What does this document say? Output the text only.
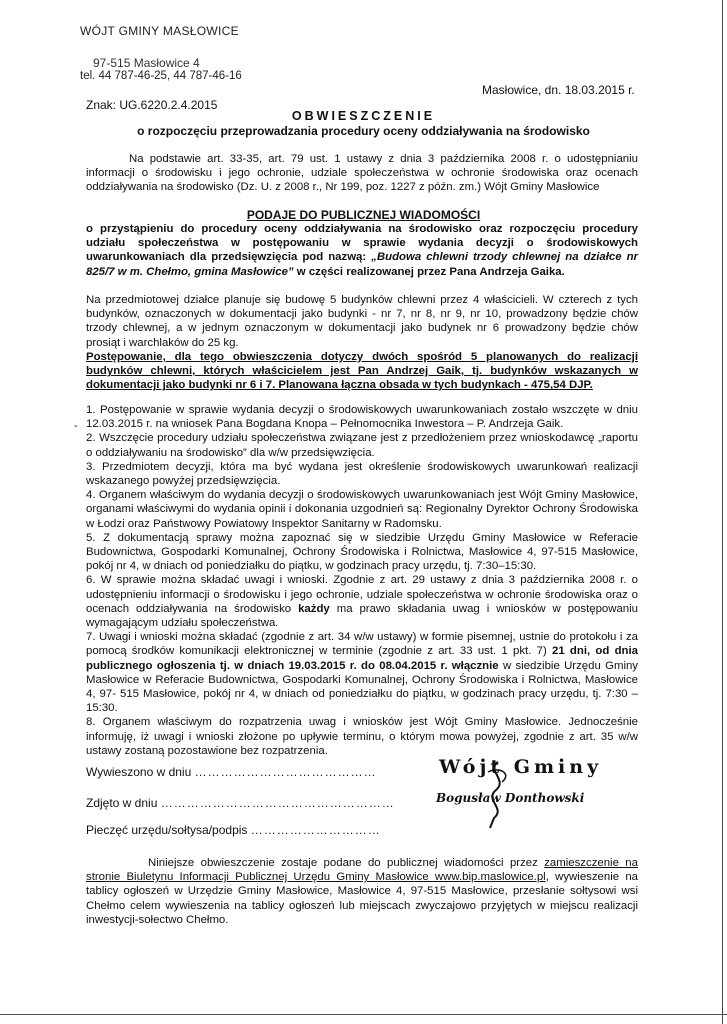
WÓJT GMINY MASŁOWICE
97-515 Masłowice 4
tel. 44 787-46-25, 44 787-46-16
Masłowice, dn. 18.03.2015 r.
Znak: UG.6220.2.4.2015
OBWIESZCZENIE
o rozpoczęciu przeprowadzania procedury oceny oddziaływania na środowisko
Na podstawie art. 33-35, art. 79 ust. 1 ustawy z dnia 3 października 2008 r. o udostępnianiu informacji o środowisku i jego ochronie, udziale społeczeństwa w ochronie środowiska oraz ocenach oddziaływania na środowisko (Dz. U. z 2008 r., Nr 199, poz. 1227 z późn. zm.) Wójt Gminy Masłowice
PODAJE DO PUBLICZNEJ WIADOMOŚCI
o przystąpieniu do procedury oceny oddziaływania na środowisko oraz rozpoczęciu procedury udziału społeczeństwa w postępowaniu w sprawie wydania decyzji o środowiskowych uwarunkowaniach dla przedsięwzięcia pod nazwą: „Budowa chlewni trzody chlewnej na działce nr 825/7 w m. Chełmo, gmina Masłowice” w części realizowanej przez Pana Andrzeja Gaika.
Na przedmiotowej działce planuje się budowę 5 budynków chlewni przez 4 właścicieli. W czterech z tych budynków, oznaczonych w dokumentacji jako budynki - nr 7, nr 8, nr 9, nr 10, prowadzony będzie chów trzody chlewnej, a w jednym oznaczonym w dokumentacji jako budynek nr 6 prowadzony będzie chów prosiąt i warchlaków do 25 kg.
Postępowanie, dla tego obwieszczenia dotyczy dwóch spośród 5 planowanych do realizacji budynków chlewni, których właścicielem jest Pan Andrzej Gaik, tj. budynków wskazanych w dokumentacji jako budynki nr 6 i 7. Planowana łączna obsada w tych budynkach - 475,54 DJP.
-

1. Postępowanie w sprawie wydania decyzji o środowiskowych uwarunkowaniach zostało wszczęte w dniu 12.03.2015 r. na wniosek Pana Bogdana Knopa – Pełnomocnika Inwestora – P. Andrzeja Gaik.

2. Wszczęcie procedury udziału społeczeństwa związane jest z przedłożeniem przez wnioskodawcę „raportu o oddziaływaniu na środowisko” dla w/w przedsięwzięcia.

3. Przedmiotem decyzji, która ma być wydana jest określenie środowiskowych uwarunkowań realizacji wskazanego powyżej przedsięwzięcia.

4. Organem właściwym do wydania decyzji o środowiskowych uwarunkowaniach jest Wójt Gminy Masłowice, organami właściwymi do wydania opinii i dokonania uzgodnień są: Regionalny Dyrektor Ochrony Środowiska w Łodzi oraz Państwowy Powiatowy Inspektor Sanitarny w Radomsku.

5. Z dokumentacją sprawy można zapoznać się w siedzibie Urzędu Gminy Masłowice w Referacie Budownictwa, Gospodarki Komunalnej, Ochrony Środowiska i Rolnictwa, Masłowice 4, 97-515 Masłowice, pokój nr 4, w dniach od poniedziałku do piątku, w godzinach pracy urzędu, tj. 7:30–15:30.

6. W sprawie można składać uwagi i wnioski. Zgodnie z art. 29 ustawy z dnia 3 października 2008 r. o udostępnieniu informacji o środowisku i jego ochronie, udziale społeczeństwa w ochronie środowiska oraz o ocenach oddziaływania na środowisko każdy ma prawo składania uwag i wniosków w postępowaniu wymagającym udziału społeczeństwa.

7. Uwagi i wnioski można składać (zgodnie z art. 34 w/w ustawy) w formie pisemnej, ustnie do protokołu i za pomocą środków komunikacji elektronicznej w terminie (zgodnie z art. 33 ust. 1 pkt. 7) 21 dni, od dnia publicznego ogłoszenia tj. w dniach 19.03.2015 r. do 08.04.2015 r. włącznie w siedzibie Urzędu Gminy Masłowice w Referacie Budownictwa, Gospodarki Komunalnej, Ochrony Środowiska i Rolnictwa, Masłowice 4, 97- 515 Masłowice, pokój nr 4, w dniach od poniedziałku do piątku, w godzinach pracy urzędu, tj. 7:30 – 15:30.

8. Organem właściwym do rozpatrzenia uwag i wniosków jest Wójt Gminy Masłowice. Jednocześnie informuję, iż uwagi i wnioski złożone po upływie terminu, o którym mowa powyżej, zgodnie z art. 35 w/w ustawy zostaną pozostawione bez rozpatrzenia.

Wywieszono w dniu ……………………………………
Zdjęto w dniu ………………………………………………
Pieczęć urzędu/sołtysa/podpis …………………………
Wójt Gminy
Bogusław Donthowski
Niniejsze obwieszczenie zostaje podane do publicznej wiadomości przez zamieszczenie na stronie Biuletynu Informacji Publicznej Urzędu Gminy Masłowice www.bip.maslowice.pl, wywieszenie na tablicy ogłoszeń w Urzędzie Gminy Masłowice, Masłowice 4, 97-515 Masłowice, przesłanie sołtysowi wsi Chełmo celem wywieszenia na tablicy ogłoszeń lub miejscach zwyczajowo przyjętych w miejscu realizacji inwestycji-sołectwo Chełmo.
